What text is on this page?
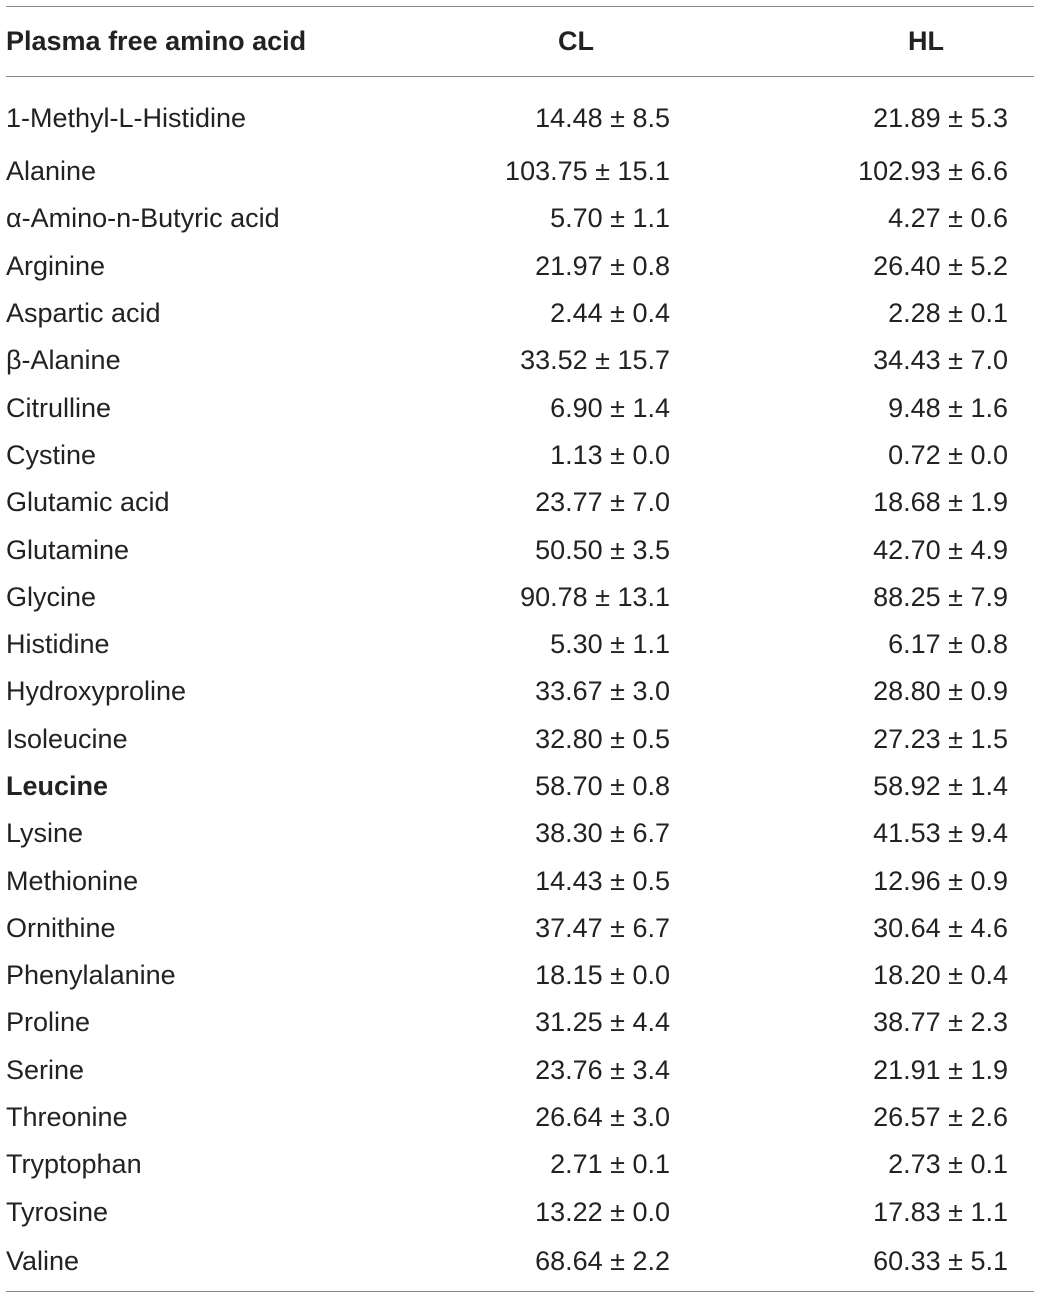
Plasma free amino acid	CL	HL
1-Methyl-L-Histidine	14.48 ± 8.5	21.89 ± 5.3
Alanine	103.75 ± 15.1	102.93 ± 6.6
α-Amino-n-Butyric acid	5.70 ± 1.1	4.27 ± 0.6
Arginine	21.97 ± 0.8	26.40 ± 5.2
Aspartic acid	2.44 ± 0.4	2.28 ± 0.1
β-Alanine	33.52 ± 15.7	34.43 ± 7.0
Citrulline	6.90 ± 1.4	9.48 ± 1.6
Cystine	1.13 ± 0.0	0.72 ± 0.0
Glutamic acid	23.77 ± 7.0	18.68 ± 1.9
Glutamine	50.50 ± 3.5	42.70 ± 4.9
Glycine	90.78 ± 13.1	88.25 ± 7.9
Histidine	5.30 ± 1.1	6.17 ± 0.8
Hydroxyproline	33.67 ± 3.0	28.80 ± 0.9
Isoleucine	32.80 ± 0.5	27.23 ± 1.5
Leucine	58.70 ± 0.8	58.92 ± 1.4
Lysine	38.30 ± 6.7	41.53 ± 9.4
Methionine	14.43 ± 0.5	12.96 ± 0.9
Ornithine	37.47 ± 6.7	30.64 ± 4.6
Phenylalanine	18.15 ± 0.0	18.20 ± 0.4
Proline	31.25 ± 4.4	38.77 ± 2.3
Serine	23.76 ± 3.4	21.91 ± 1.9
Threonine	26.64 ± 3.0	26.57 ± 2.6
Tryptophan	2.71 ± 0.1	2.73 ± 0.1
Tyrosine	13.22 ± 0.0	17.83 ± 1.1
Valine	68.64 ± 2.2	60.33 ± 5.1
